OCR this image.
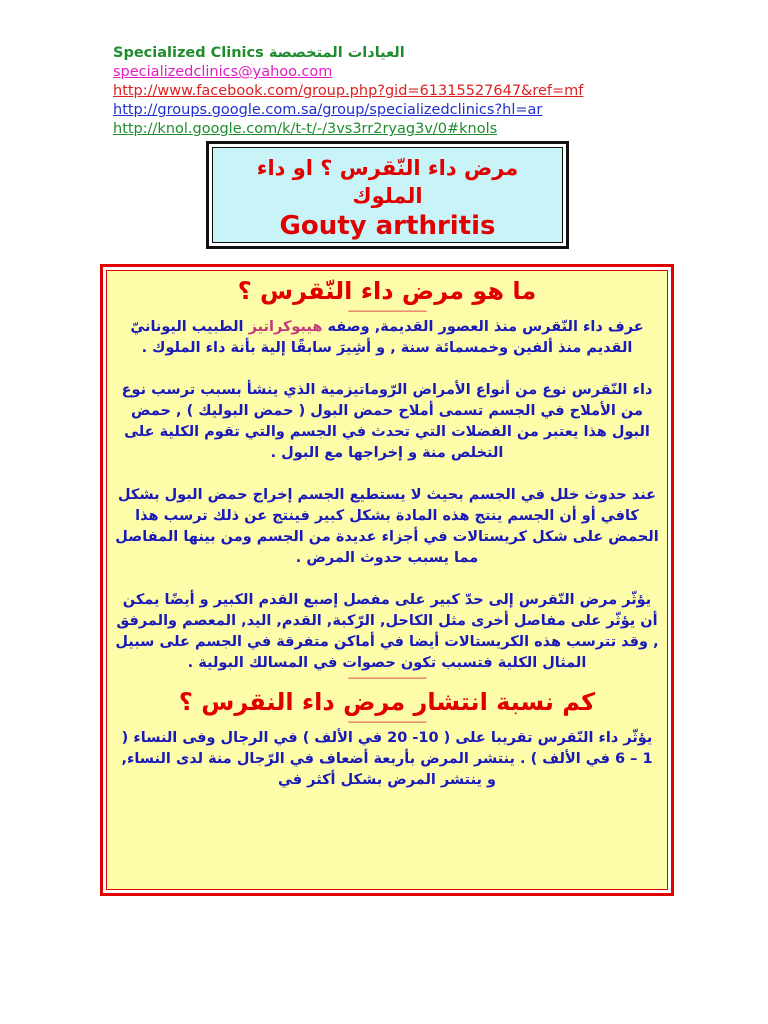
Specialized Clinics العيادات المتخصصة
specializedclinics@yahoo.com
http://www.facebook.com/group.php?gid=61315527647&ref=mf
http://groups.google.com.sa/group/specializedclinics?hl=ar
http://knol.google.com/k/t-t/-/3vs3rr2ryag3v/0#knols
مرض داء النّقرس ؟ او داء الملوك
Gouty arthritis
ما هو مرض داء النّقرس ؟
------------------------------
عرف داء النّقرس منذ العصور القديمة, وصفه هيبوكراتيز الطبيب اليونانيّ القديم منذ ألفين وخمسمائة سنة , و أشِيرَ سابقًا إلية بأنة داء الملوك .
داء النّقرس نوع من أنواع الأمراض الرّوماتيزمية الذي ينشأ بسبب ترسب نوع من الأملاح في الجسم تسمى أملاح حمض البول ( حمض البوليك ) , حمض البول هذا يعتبر من الفضلات التي تحدث في الجسم والتي تقوم الكلية على التخلص منة و إخراجها مع البول .
عند حدوث خلل في الجسم بحيث لا يستطيع الجسم إخراج حمض البول بشكل كافي أو أن الجسم ينتج هذه المادة بشكل كبير فينتج عن ذلك ترسب هذا الحمض على شكل كريستالات في أجزاء عديدة من الجسم ومن بينها المفاصل مما يسبب حدوث المرض .
يؤثّر مرض النّقرس إلى حدّ كبير على مفصل إصبع القدم الكبير و أيضًا يمكن أن يؤثّر على مفاصل أخرى مثل الكاحل, الرّكبة, القدم, اليد, المعصم والمرفق , وقد تترسب هذه الكريستالات أيضا في أماكن متفرقة في الجسم على سبيل المثال الكلية فتسبب تكون حصوات في المسالك البولية .
------------------------------
كم نسبة انتشار مرض داء النقرس ؟
------------------------------
يؤثّر داء النّقرس تقريبا على ( 10- 20 في الألف ) في الرجال وفى النساء ( 1 – 6 في الألف ) . ينتشر المرض بأربعة أضعاف في الرّجال منة لدى النساء, و ينتشر المرض بشكل أكثر في
